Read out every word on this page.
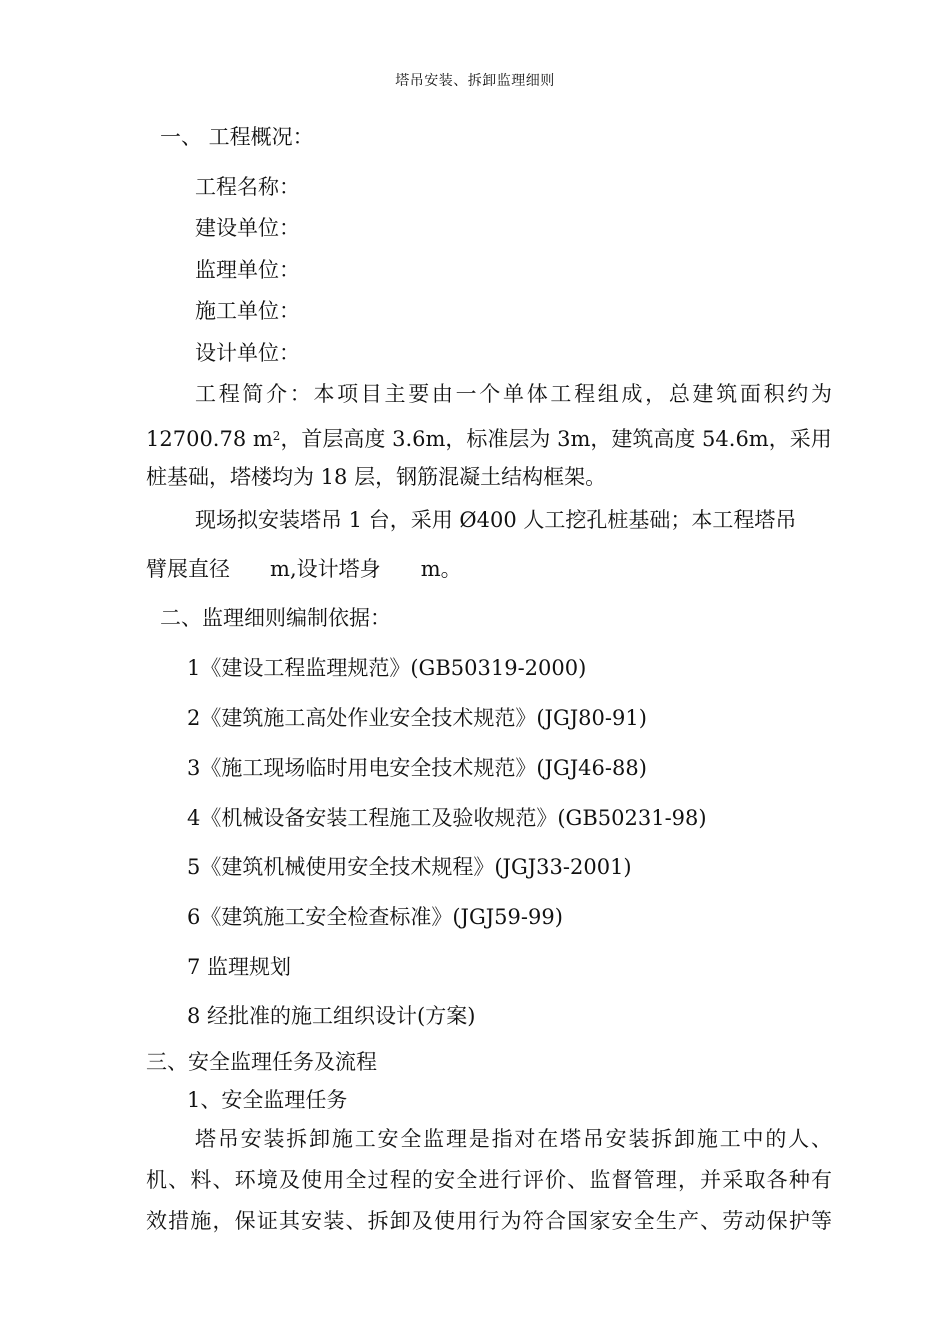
塔吊安装、拆卸监理细则
一、 工程概况：
工程名称：
建设单位：
监理单位：
施工单位：
设计单位：
工程简介：本项目主要由一个单体工程组成，总建筑面积约为
12700.78 $m^2$，首层高度 3.6m，标准层为 3m，建筑高度 54.6m，采用
桩基础，塔楼均为 18 层，钢筋混凝土结构框架。
现场拟安装塔吊 1 台，采用 Ø400 人工挖孔桩基础；本工程塔吊
臂展直径      m,设计塔身      m。
二、监理细则编制依据：
1《建设工程监理规范》(GB50319-2000)
2《建筑施工高处作业安全技术规范》(JGJ80-91)
3《施工现场临时用电安全技术规范》(JGJ46-88)
4《机械设备安装工程施工及验收规范》(GB50231-98)
5《建筑机械使用安全技术规程》(JGJ33-2001)
6《建筑施工安全检查标准》(JGJ59-99)
7 监理规划
8 经批准的施工组织设计(方案)
三、安全监理任务及流程
1、安全监理任务
塔吊安装拆卸施工安全监理是指对在塔吊安装拆卸施工中的人、
机、料、环境及使用全过程的安全进行评价、监督管理，并采取各种有
效措施，保证其安装、拆卸及使用行为符合国家安全生产、劳动保护等
